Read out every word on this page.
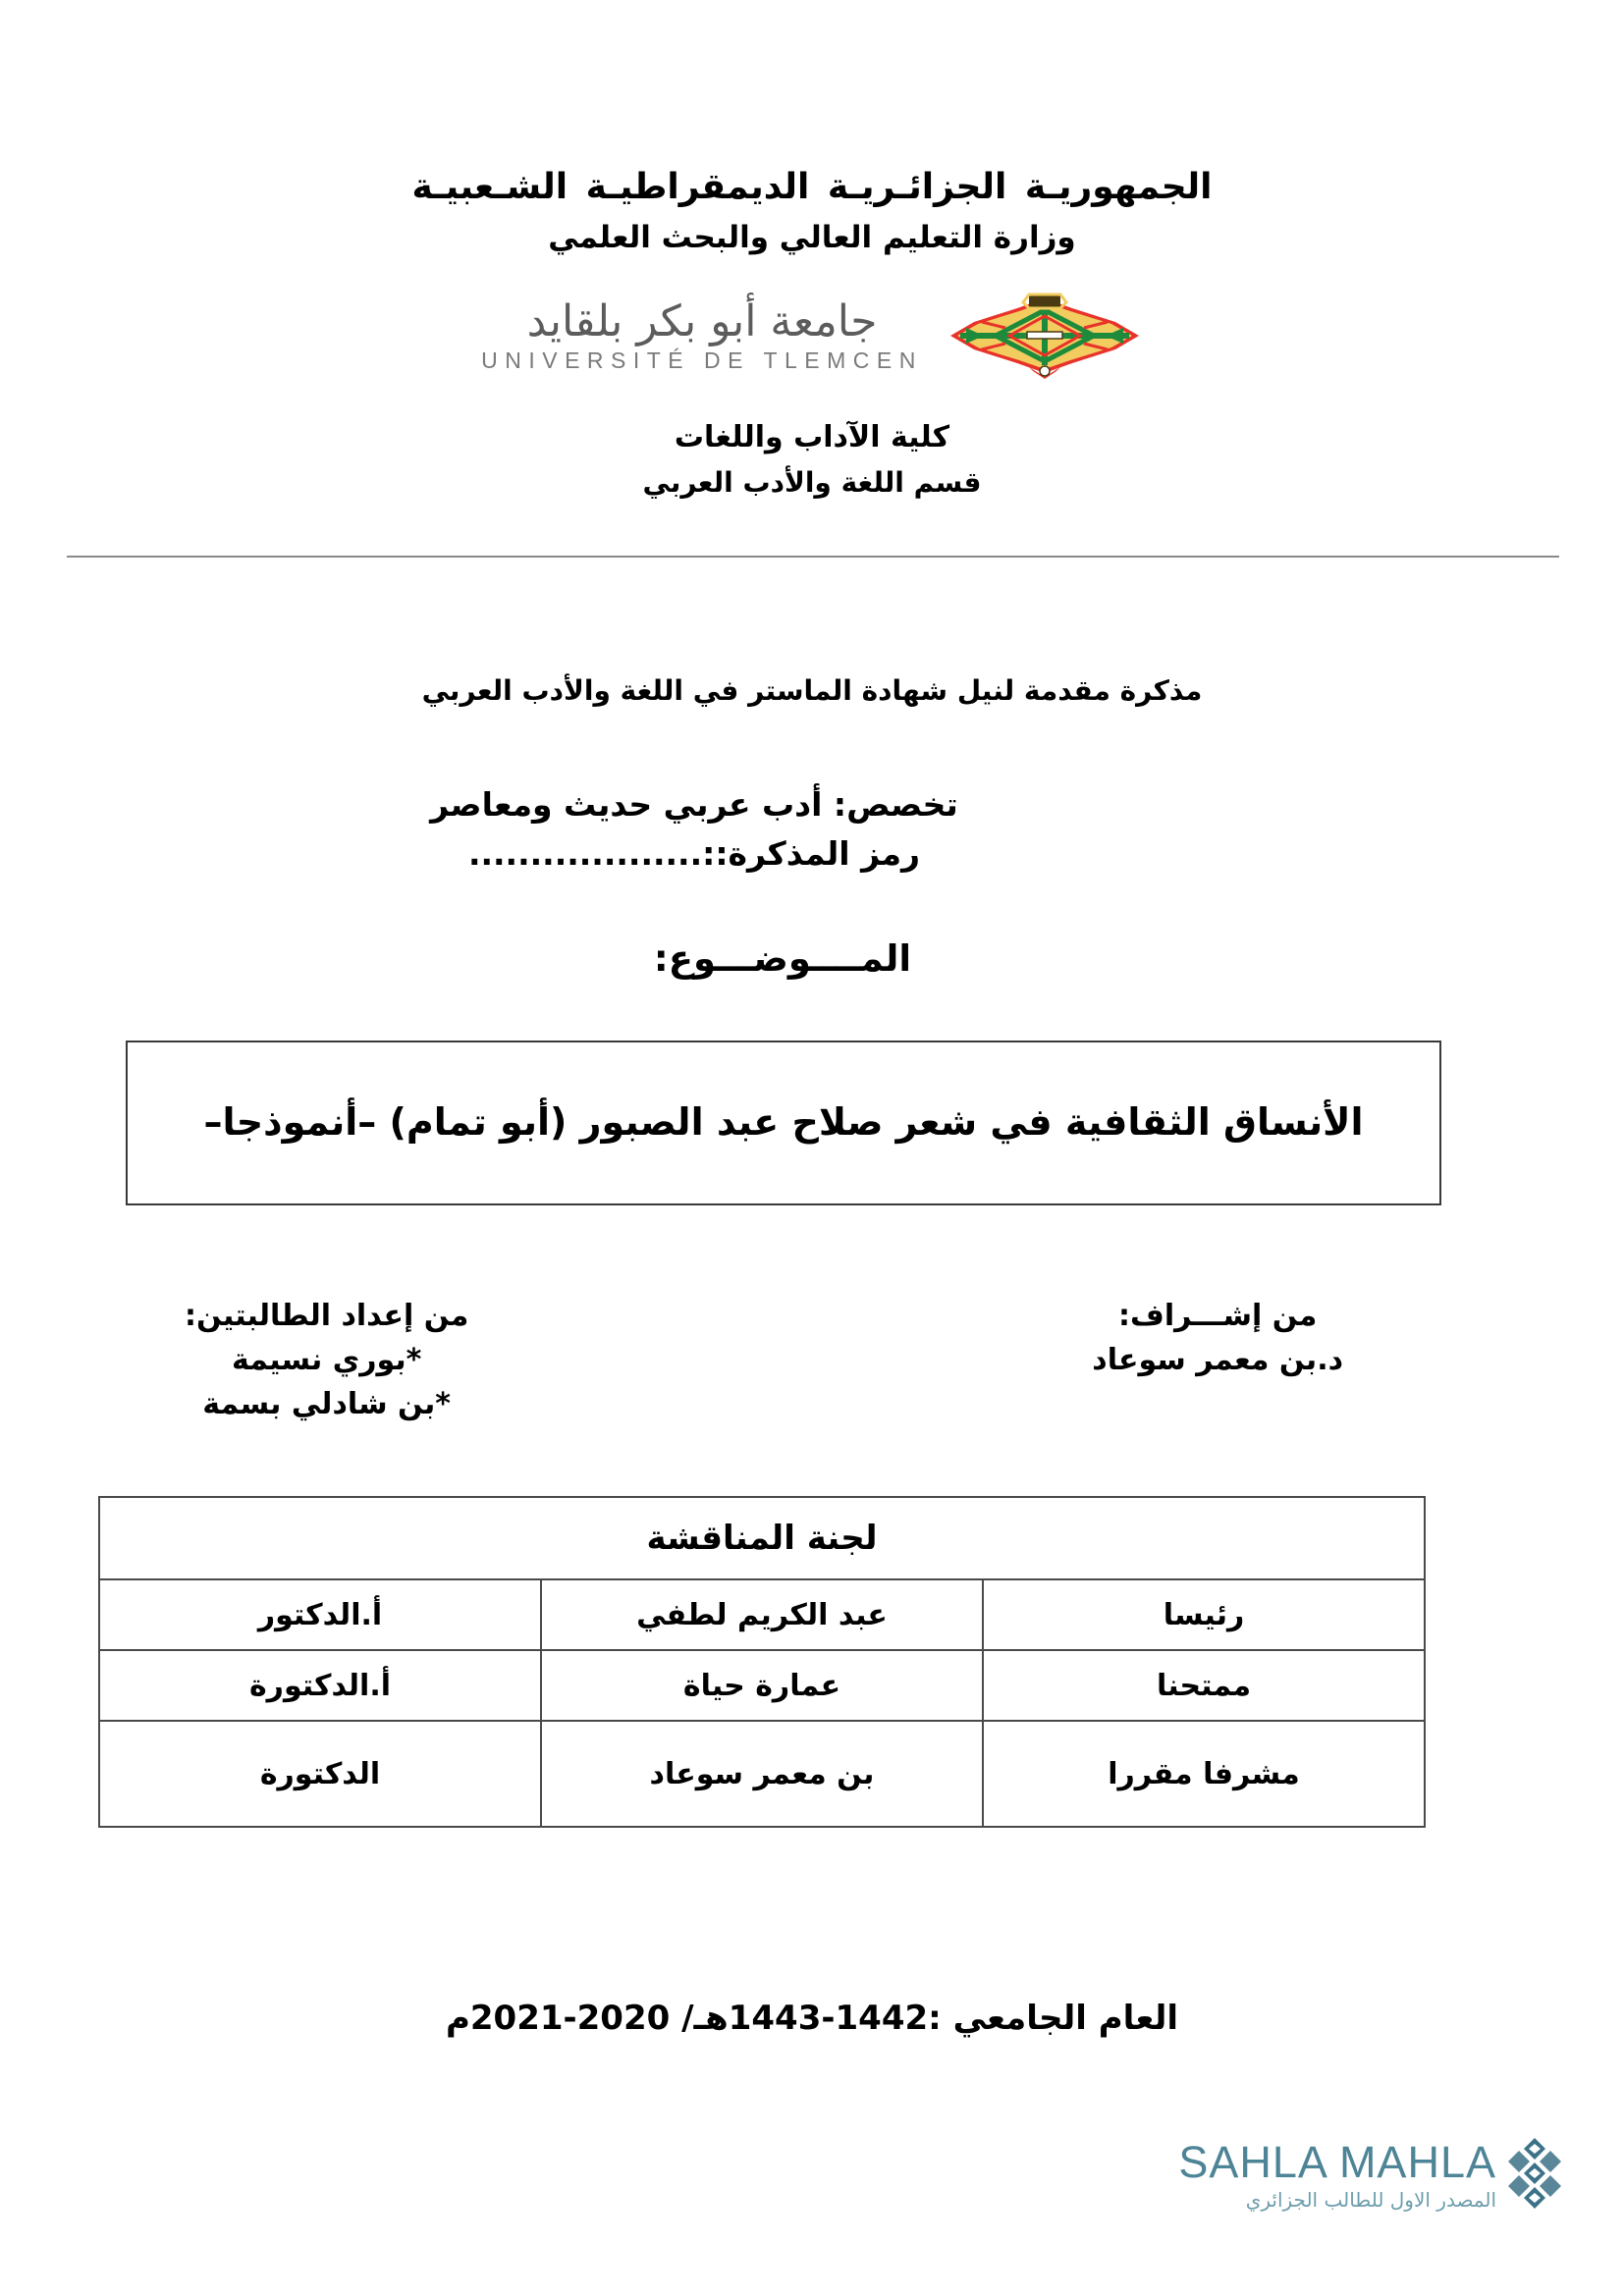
الجمهوريـة الجزائـريـة الديمقراطيـة الشـعبيـة
وزارة التعليم العالي والبحث العلمي
جامعة أبو بكر بلقايد
UNIVERSITÉ DE TLEMCEN
كلية الآداب واللغات
قسم اللغة والأدب العربي
مذكرة مقدمة لنيل شهادة الماستر في اللغة والأدب العربي
تخصص: أدب عربي حديث ومعاصر
رمز المذكرة::...................
المــــوضـــوع:
الأنساق الثقافية في شعر صلاح عبد الصبور (أبو تمام) –أنموذجا–
من إعداد الطالبتين:
*بوري نسيمة
*بن شادلي بسمة
من إشـــراف:
د.بن معمر سوعاد
لجنة المناقشة		
رئيسا	عبد الكريم لطفي	أ.الدكتور
ممتحنا	عمارة حياة	أ.الدكتورة
مشرفا مقررا	بن معمر سوعاد	الدكتورة
العام الجامعي :1442-1443هـ/ 2020-2021م
SAHLA MAHLA
المصدر الاول للطالب الجزائري
